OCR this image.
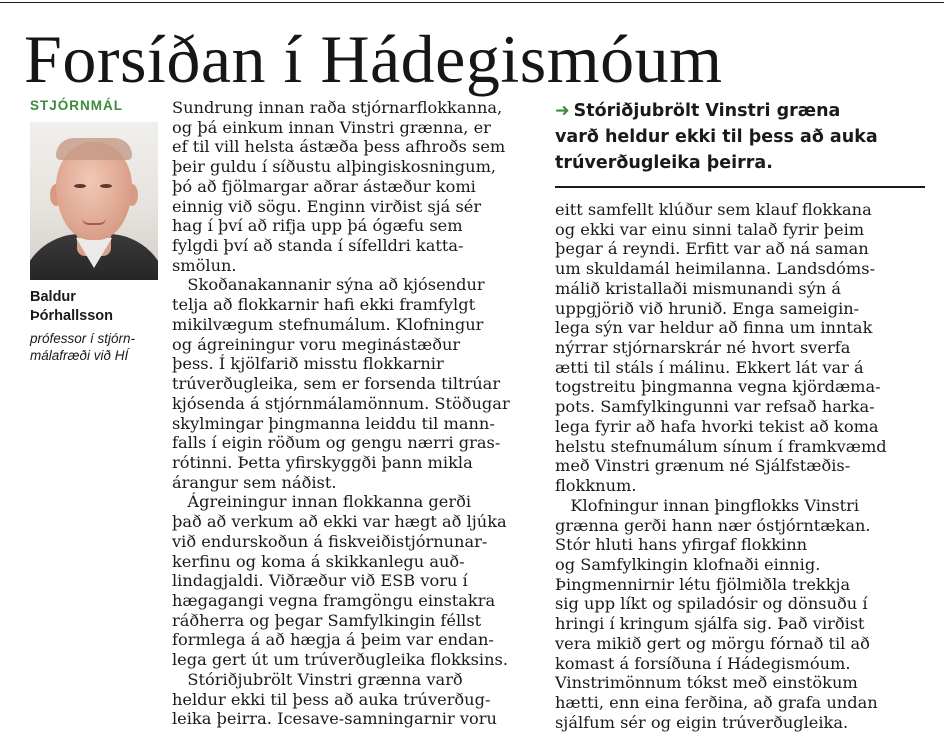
Forsíðan í Hádegismóum
STJÓRNMÁL
Baldur
Þórhallsson
prófessor í stjórn-
málafræði við HÍ
Sundrung innan raða stjórnarflokkanna,
og þá einkum innan Vinstri grænna, er
ef til vill helsta ástæða þess afhroðs sem
þeir guldu í síðustu alþingiskosningum,
þó að fjölmargar aðrar ástæður komi
einnig við sögu. Enginn virðist sjá sér
hag í því að rifja upp þá ógæfu sem
fylgdi því að standa í sífelldri katta-
smölun.
Skoðanakannanir sýna að kjósendur
telja að flokkarnir hafi ekki framfylgt
mikilvægum stefnumálum. Klofningur
og ágreiningur voru meginástæður
þess. Í kjölfarið misstu flokkarnir
trúverðugleika, sem er forsenda tiltrúar
kjósenda á stjórnmálamönnum. Stöðugar
skylmingar þingmanna leiddu til mann-
falls í eigin röðum og gengu nærri gras-
rótinni. Þetta yfirskyggði þann mikla
árangur sem náðist.
Ágreiningur innan flokkanna gerði
það að verkum að ekki var hægt að ljúka
við endurskoðun á fiskveiðistjórnunar-
kerfinu og koma á skikkanlegu auð-
lindagjaldi. Viðræður við ESB voru í
hægagangi vegna framgöngu einstakra
ráðherra og þegar Samfylkingin féllst
formlega á að hægja á þeim var endan-
lega gert út um trúverðugleika flokksins.
Stóriðjubrölt Vinstri grænna varð
heldur ekki til þess að auka trúverðug-
leika þeirra. Icesave-samningarnir voru
➜ Stóriðjubrölt Vinstri græna
varð heldur ekki til þess að auka
trúverðugleika þeirra.
eitt samfellt klúður sem klauf flokkana
og ekki var einu sinni talað fyrir þeim
þegar á reyndi. Erfitt var að ná saman
um skuldamál heimilanna. Landsdóms-
málið kristallaði mismunandi sýn á
uppgjörið við hrunið. Enga sameigin-
lega sýn var heldur að finna um inntak
nýrrar stjórnarskrár né hvort sverfa
ætti til stáls í málinu. Ekkert lát var á
togstreitu þingmanna vegna kjördæma-
pots. Samfylkingunni var refsað harka-
lega fyrir að hafa hvorki tekist að koma
helstu stefnumálum sínum í framkvæmd
með Vinstri grænum né Sjálfstæðis-
flokknum.
Klofningur innan þingflokks Vinstri
grænna gerði hann nær óstjórntækan.
Stór hluti hans yfirgaf flokkinn
og Samfylkingin klofnaði einnig.
Þingmennirnir létu fjölmiðla trekkja
sig upp líkt og spiladósir og dönsuðu í
hringi í kringum sjálfa sig. Það virðist
vera mikið gert og mörgu fórnað til að
komast á forsíðuna í Hádegismóum.
Vinstrimönnum tókst með einstökum
hætti, enn eina ferðina, að grafa undan
sjálfum sér og eigin trúverðugleika.
